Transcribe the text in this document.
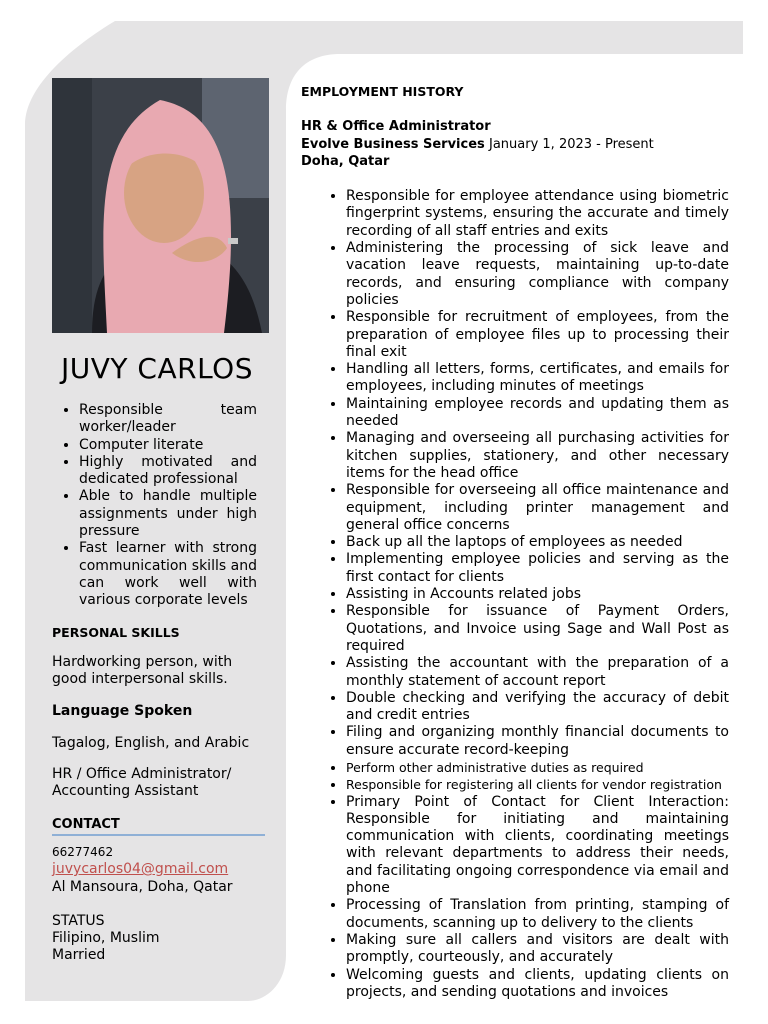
JUVY CARLOS
• Responsible team worker/leader
• Computer literate
• Highly motivated and dedicated professional
• Able to handle multiple assignments under high pressure
• Fast learner with strong communication skills and can work well with various corporate levels
PERSONAL SKILLS
Hardworking person, with good interpersonal skills.
Language Spoken
Tagalog, English, and Arabic
HR / Office Administrator/ Accounting Assistant
CONTACT
66277462
juvycarlos04@gmail.com
Al Mansoura, Doha, Qatar
STATUS
Filipino, Muslim
Married
EMPLOYMENT HISTORY
HR & Office Administrator
Evolve Business Services January 1, 2023 - Present
Doha, Qatar
• Responsible for employee attendance using biometric fingerprint systems, ensuring the accurate and timely recording of all staff entries and exits
• Administering the processing of sick leave and vacation leave requests, maintaining up-to-date records, and ensuring compliance with company policies
• Responsible for recruitment of employees, from the preparation of employee files up to processing their final exit
• Handling all letters, forms, certificates, and emails for employees, including minutes of meetings
• Maintaining employee records and updating them as needed
• Managing and overseeing all purchasing activities for kitchen supplies, stationery, and other necessary items for the head office
• Responsible for overseeing all office maintenance and equipment, including printer management and general office concerns
• Back up all the laptops of employees as needed
• Implementing employee policies and serving as the first contact for clients
• Assisting in Accounts related jobs
• Responsible for issuance of Payment Orders, Quotations, and Invoice using Sage and Wall Post as required
• Assisting the accountant with the preparation of a monthly statement of account report
• Double checking and verifying the accuracy of debit and credit entries
• Filing and organizing monthly financial documents to ensure accurate record-keeping
• Perform other administrative duties as required
• Responsible for registering all clients for vendor registration
• Primary Point of Contact for Client Interaction: Responsible for initiating and maintaining communication with clients, coordinating meetings with relevant departments to address their needs, and facilitating ongoing correspondence via email and phone
• Processing of Translation from printing, stamping of documents, scanning up to delivery to the clients
• Making sure all callers and visitors are dealt with promptly, courteously, and accurately
• Welcoming guests and clients, updating clients on projects, and sending quotations and invoices
